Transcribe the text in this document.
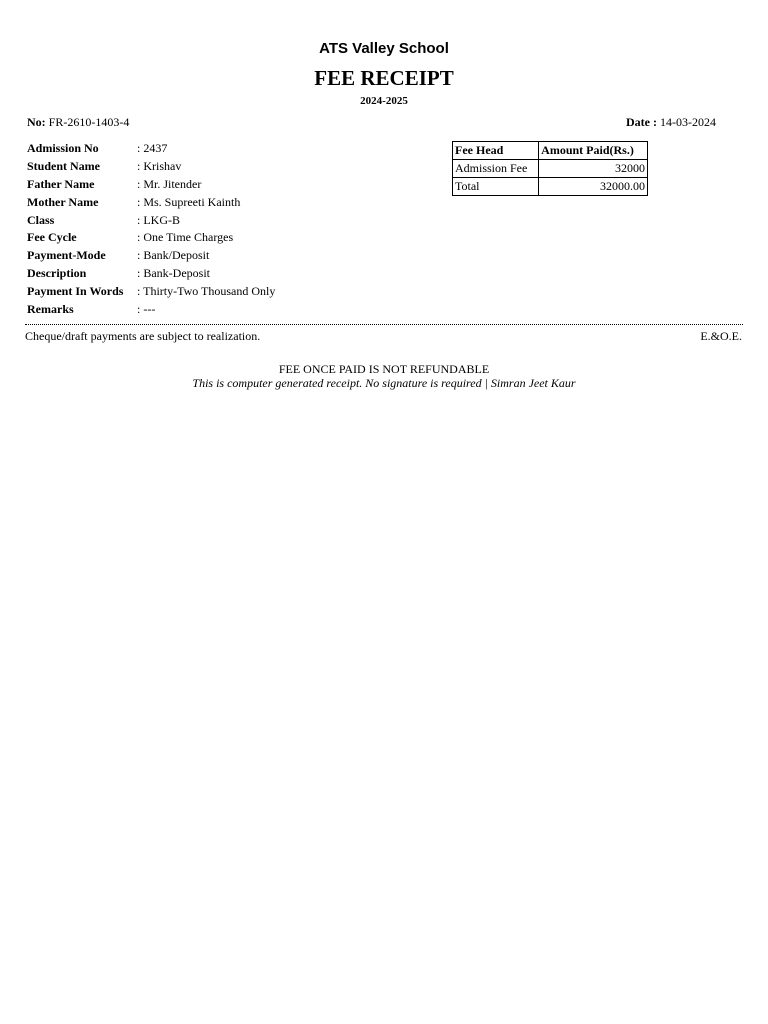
ATS Valley School
FEE RECEIPT
2024-2025
No: FR-2610-1403-4	Date : 14-03-2024
Admission No	: 2437
Student Name	: Krishav
Father Name	: Mr. Jitender
Mother Name	: Ms. Supreeti Kainth
Class	: LKG-B
Fee Cycle	: One Time Charges
Payment-Mode	: Bank/Deposit
Description	: Bank-Deposit
Payment In Words	: Thirty-Two Thousand Only
Remarks	: ---
Fee Head	Amount Paid(Rs.)
Admission Fee	32000
Total	32000.00
Cheque/draft payments are subject to realization.	E.&O.E.
FEE ONCE PAID IS NOT REFUNDABLE
This is computer generated receipt. No signature is required | Simran Jeet Kaur
